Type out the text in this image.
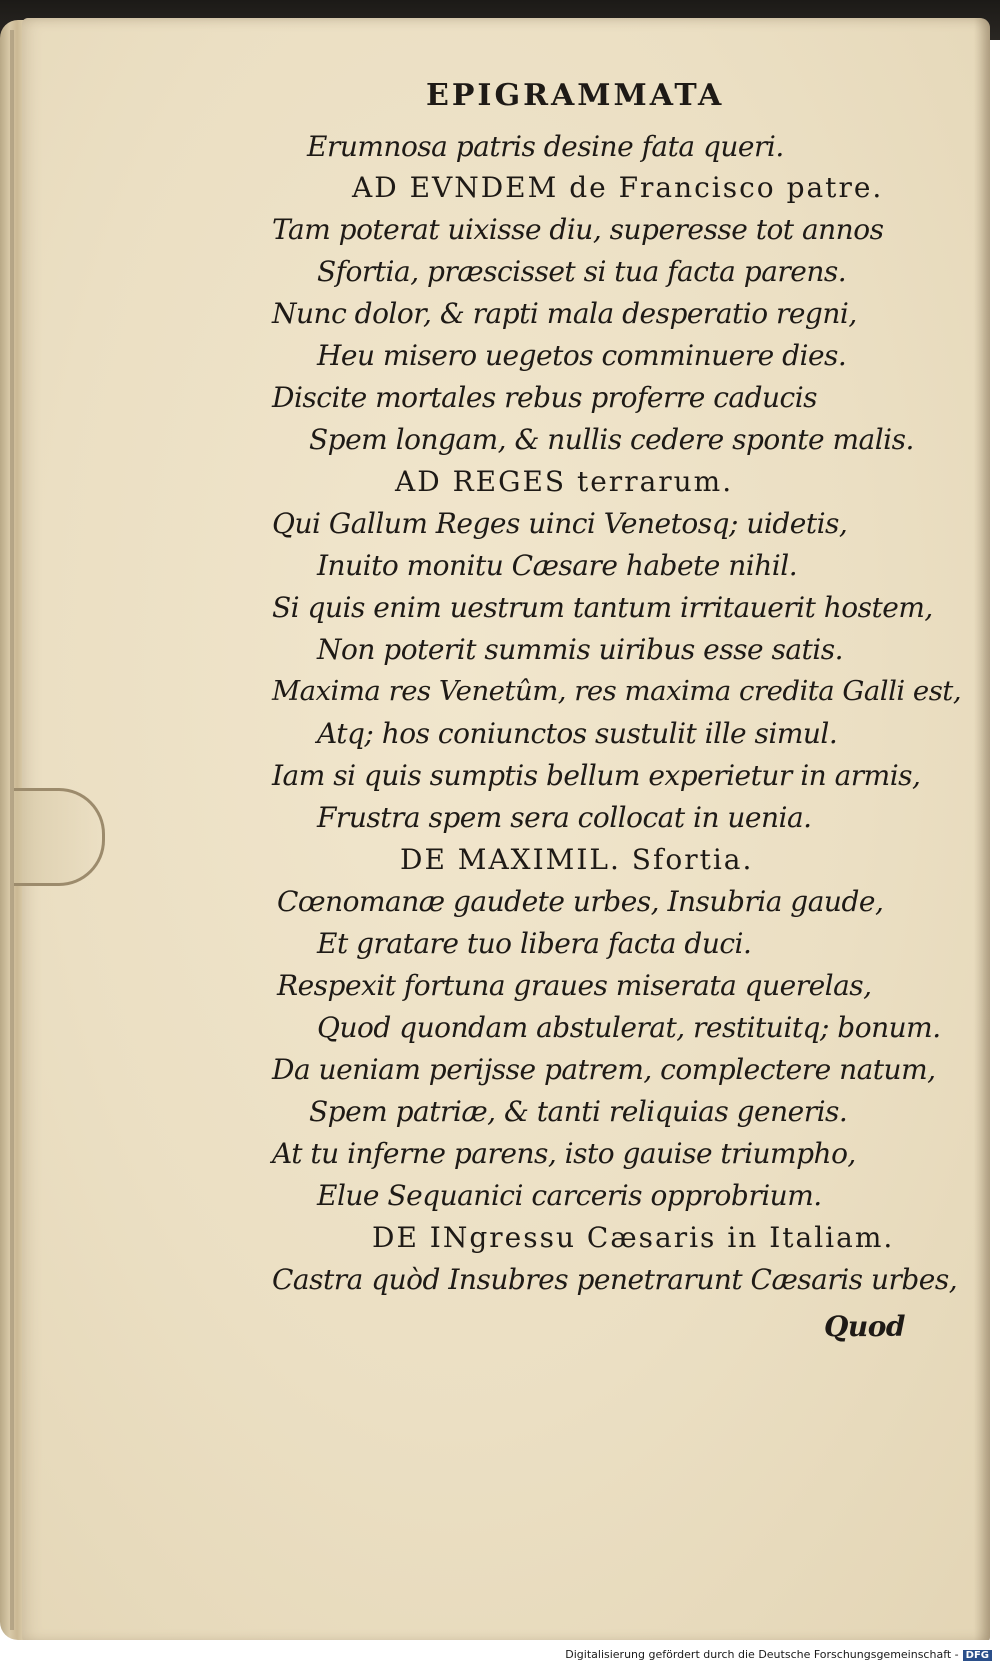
EPIGRAMMATA
Erumnosa patris desine fata queri.
AD EVNDEM de Francisco patre.
Tam poterat uixisse diu, superesse tot annos
Sfortia, præscisset si tua facta parens.
Nunc dolor, & rapti mala desperatio regni,
Heu misero uegetos comminuere dies.
Discite mortales rebus proferre caducis
Spem longam, & nullis cedere sponte malis.
AD REGES terrarum.
Qui Gallum Reges uinci Venetosq; uidetis,
Inuito monitu Cæsare habete nihil.
Si quis enim uestrum tantum irritauerit hostem,
Non poterit summis uiribus esse satis.
Maxima res Venetûm, res maxima credita Galli est,
Atq; hos coniunctos sustulit ille simul.
Iam si quis sumptis bellum experietur in armis,
Frustra spem sera collocat in uenia.
DE MAXIMIL. Sfortia.
Cœnomanæ gaudete urbes, Insubria gaude,
Et gratare tuo libera facta duci.
Respexit fortuna graues miserata querelas,
Quod quondam abstulerat, restituitq; bonum.
Da ueniam perijsse patrem, complectere natum,
Spem patriæ, & tanti reliquias generis.
At tu inferne parens, isto gauise triumpho,
Elue Sequanici carceris opprobrium.
DE INgressu Cæsaris in Italiam.
Castra quòd Insubres penetrarunt Cæsaris urbes,
Quod
Digitalisierung gefördert durch die Deutsche Forschungsgemeinschaft - DFG
